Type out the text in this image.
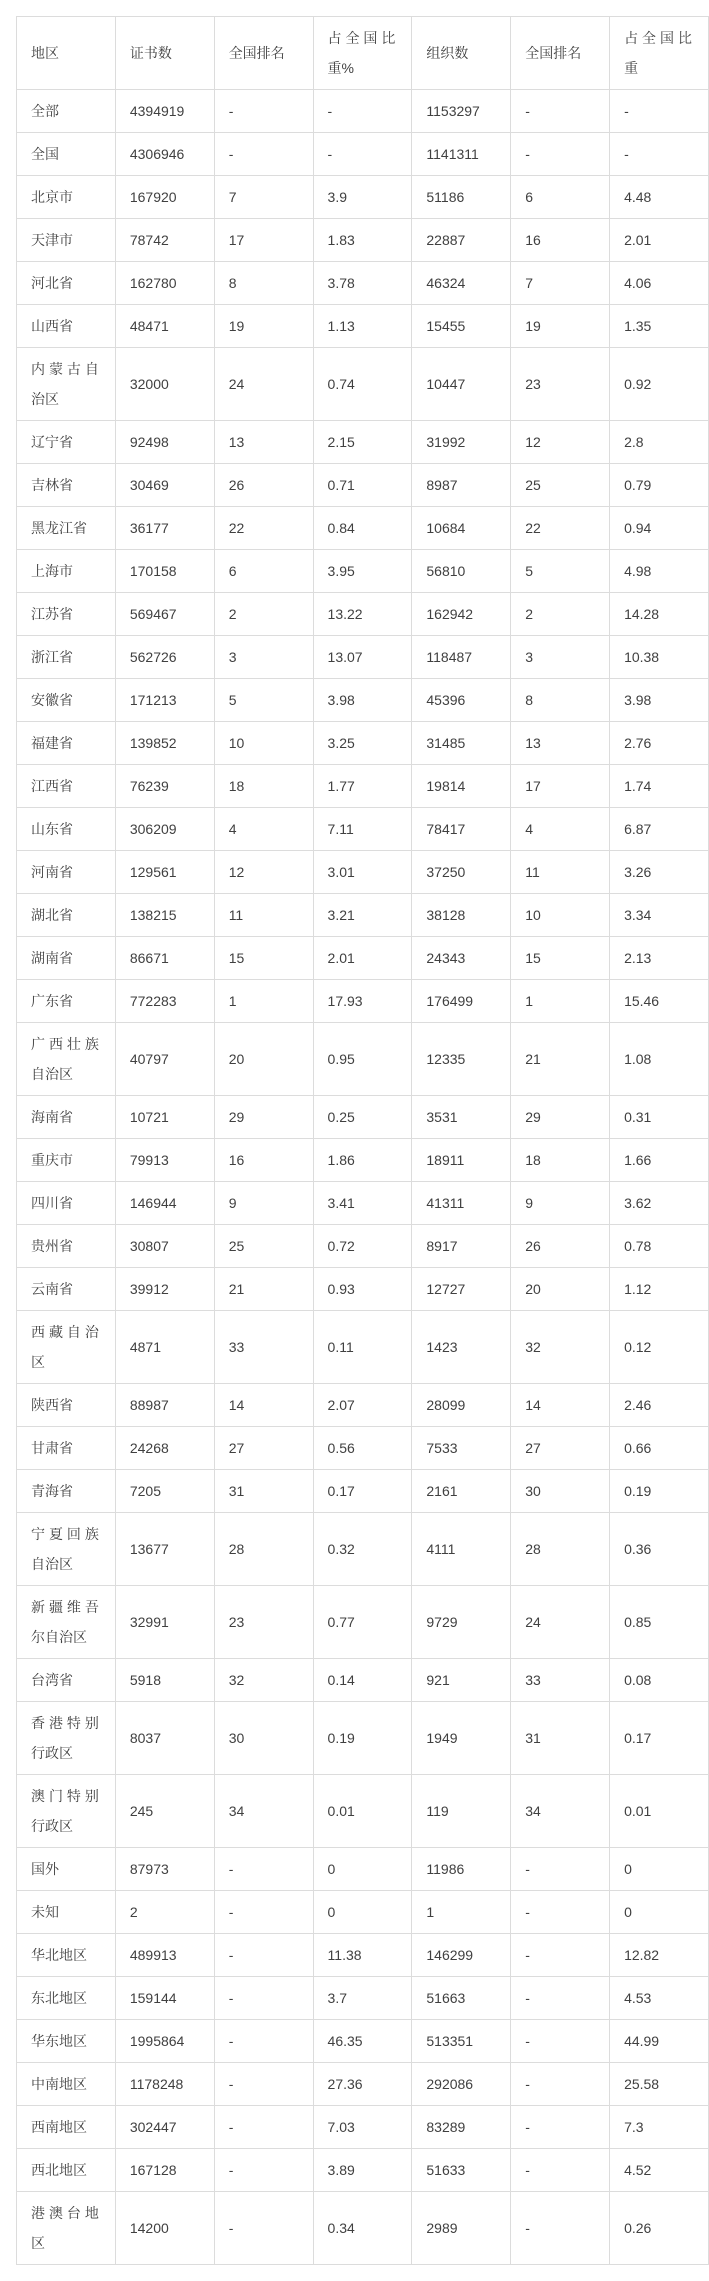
地区	证书数	全国排名	占全国比重%	组织数	全国排名	占全国比重
全部	4394919	-	-	1153297	-	-
全国	4306946	-	-	1141311	-	-
北京市	167920	7	3.9	51186	6	4.48
天津市	78742	17	1.83	22887	16	2.01
河北省	162780	8	3.78	46324	7	4.06
山西省	48471	19	1.13	15455	19	1.35
内蒙古自治区	32000	24	0.74	10447	23	0.92
辽宁省	92498	13	2.15	31992	12	2.8
吉林省	30469	26	0.71	8987	25	0.79
黑龙江省	36177	22	0.84	10684	22	0.94
上海市	170158	6	3.95	56810	5	4.98
江苏省	569467	2	13.22	162942	2	14.28
浙江省	562726	3	13.07	118487	3	10.38
安徽省	171213	5	3.98	45396	8	3.98
福建省	139852	10	3.25	31485	13	2.76
江西省	76239	18	1.77	19814	17	1.74
山东省	306209	4	7.11	78417	4	6.87
河南省	129561	12	3.01	37250	11	3.26
湖北省	138215	11	3.21	38128	10	3.34
湖南省	86671	15	2.01	24343	15	2.13
广东省	772283	1	17.93	176499	1	15.46
广西壮族自治区	40797	20	0.95	12335	21	1.08
海南省	10721	29	0.25	3531	29	0.31
重庆市	79913	16	1.86	18911	18	1.66
四川省	146944	9	3.41	41311	9	3.62
贵州省	30807	25	0.72	8917	26	0.78
云南省	39912	21	0.93	12727	20	1.12
西藏自治区	4871	33	0.11	1423	32	0.12
陕西省	88987	14	2.07	28099	14	2.46
甘肃省	24268	27	0.56	7533	27	0.66
青海省	7205	31	0.17	2161	30	0.19
宁夏回族自治区	13677	28	0.32	4111	28	0.36
新疆维吾尔自治区	32991	23	0.77	9729	24	0.85
台湾省	5918	32	0.14	921	33	0.08
香港特别行政区	8037	30	0.19	1949	31	0.17
澳门特别行政区	245	34	0.01	119	34	0.01
国外	87973	-	0	11986	-	0
未知	2	-	0	1	-	0
华北地区	489913	-	11.38	146299	-	12.82
东北地区	159144	-	3.7	51663	-	4.53
华东地区	1995864	-	46.35	513351	-	44.99
中南地区	1178248	-	27.36	292086	-	25.58
西南地区	302447	-	7.03	83289	-	7.3
西北地区	167128	-	3.89	51633	-	4.52
港澳台地区	14200	-	0.34	2989	-	0.26
